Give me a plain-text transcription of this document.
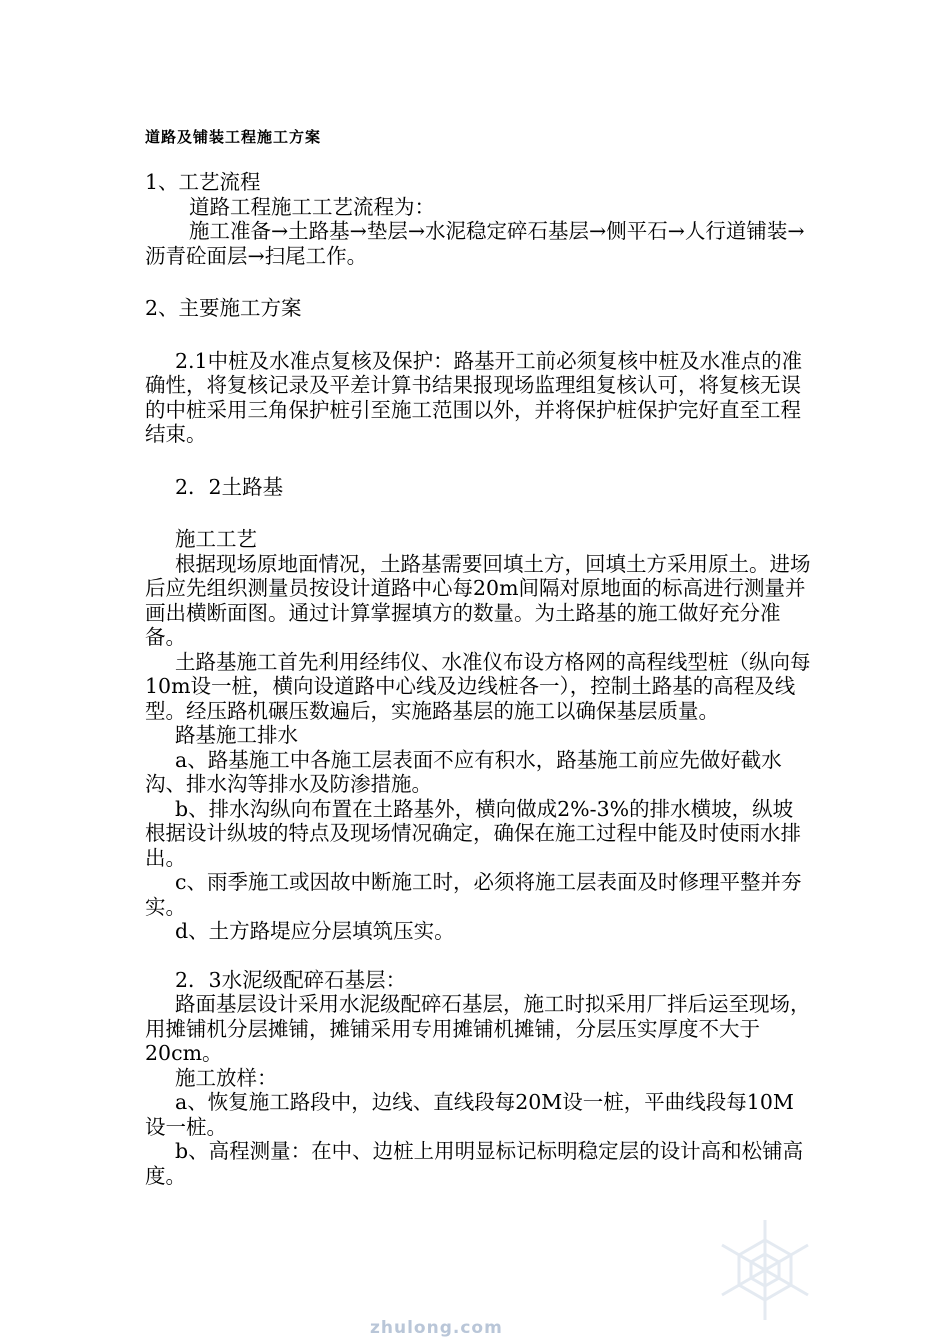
道路及铺装工程施工方案

1、工艺流程

道路工程施工工艺流程为：

施工准备→土路基→垫层→水泥稳定碎石基层→侧平石→人行道铺装→沥青砼面层→扫尾工作。

2、主要施工方案

2.1中桩及水准点复核及保护：路基开工前必须复核中桩及水准点的准确性，将复核记录及平差计算书结果报现场监理组复核认可，将复核无误的中桩采用三角保护桩引至施工范围以外，并将保护桩保护完好直至工程结束。

2．2土路基

施工工艺

根据现场原地面情况，土路基需要回填土方，回填土方采用原土。进场后应先组织测量员按设计道路中心每20m间隔对原地面的标高进行测量并画出横断面图。通过计算掌握填方的数量。为土路基的施工做好充分准备。

土路基施工首先利用经纬仪、水准仪布设方格网的高程线型桩（纵向每10m设一桩，横向设道路中心线及边线桩各一），控制土路基的高程及线型。经压路机碾压数遍后，实施路基层的施工以确保基层质量。

路基施工排水

a、路基施工中各施工层表面不应有积水，路基施工前应先做好截水沟、排水沟等排水及防渗措施。

b、排水沟纵向布置在土路基外，横向做成2%-3%的排水横坡，纵坡根据设计纵坡的特点及现场情况确定，确保在施工过程中能及时使雨水排出。

c、雨季施工或因故中断施工时，必须将施工层表面及时修理平整并夯实。

d、土方路堤应分层填筑压实。

2．3水泥级配碎石基层：

路面基层设计采用水泥级配碎石基层，施工时拟采用厂拌后运至现场，用摊铺机分层摊铺，摊铺采用专用摊铺机摊铺，分层压实厚度不大于20cm。

施工放样：

a、恢复施工路段中，边线、直线段每20M设一桩，平曲线段每10M设一桩。

b、高程测量：在中、边桩上用明显标记标明稳定层的设计高和松铺高度。

zhulong.com
